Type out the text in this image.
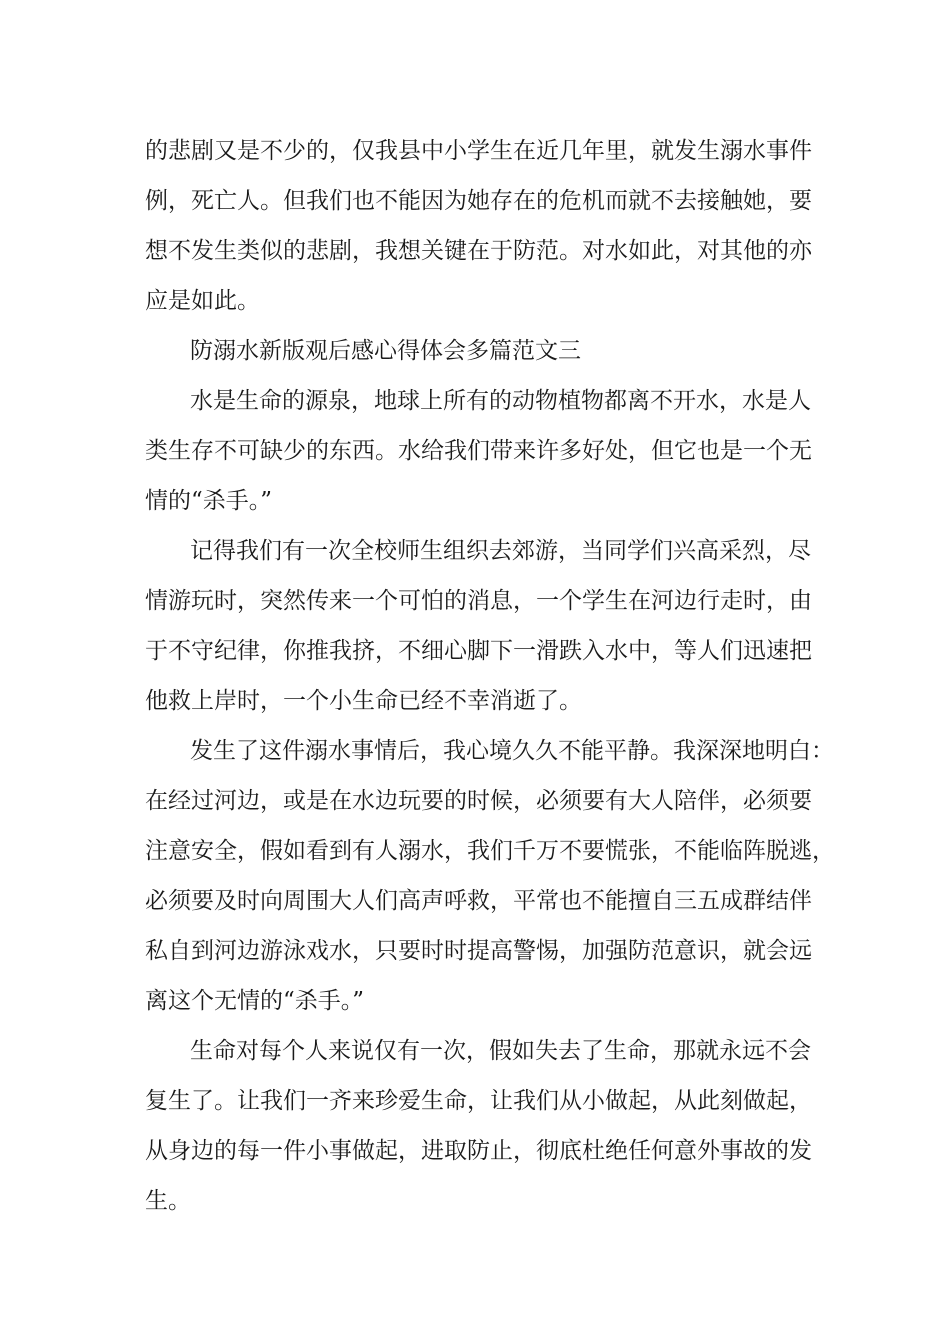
的悲剧又是不少的，仅我县中小学生在近几年里，就发生溺水事件
例，死亡人。但我们也不能因为她存在的危机而就不去接触她，要
想不发生类似的悲剧，我想关键在于防范。对水如此，对其他的亦
应是如此。
防溺水新版观后感心得体会多篇范文三
水是生命的源泉，地球上所有的动物植物都离不开水，水是人
类生存不可缺少的东西。水给我们带来许多好处，但它也是一个无
情的“杀手。”
记得我们有一次全校师生组织去郊游，当同学们兴高采烈，尽
情游玩时，突然传来一个可怕的消息，一个学生在河边行走时，由
于不守纪律，你推我挤，不细心脚下一滑跌入水中，等人们迅速把
他救上岸时，一个小生命已经不幸消逝了。
发生了这件溺水事情后，我心境久久不能平静。我深深地明白：
在经过河边，或是在水边玩要的时候，必须要有大人陪伴，必须要
注意安全，假如看到有人溺水，我们千万不要慌张，不能临阵脱逃，
必须要及时向周围大人们高声呼救，平常也不能擅自三五成群结伴
私自到河边游泳戏水，只要时时提高警惕，加强防范意识，就会远
离这个无情的“杀手。”
生命对每个人来说仅有一次，假如失去了生命，那就永远不会
复生了。让我们一齐来珍爱生命，让我们从小做起，从此刻做起，
从身边的每一件小事做起，进取防止，彻底杜绝任何意外事故的发
生。
